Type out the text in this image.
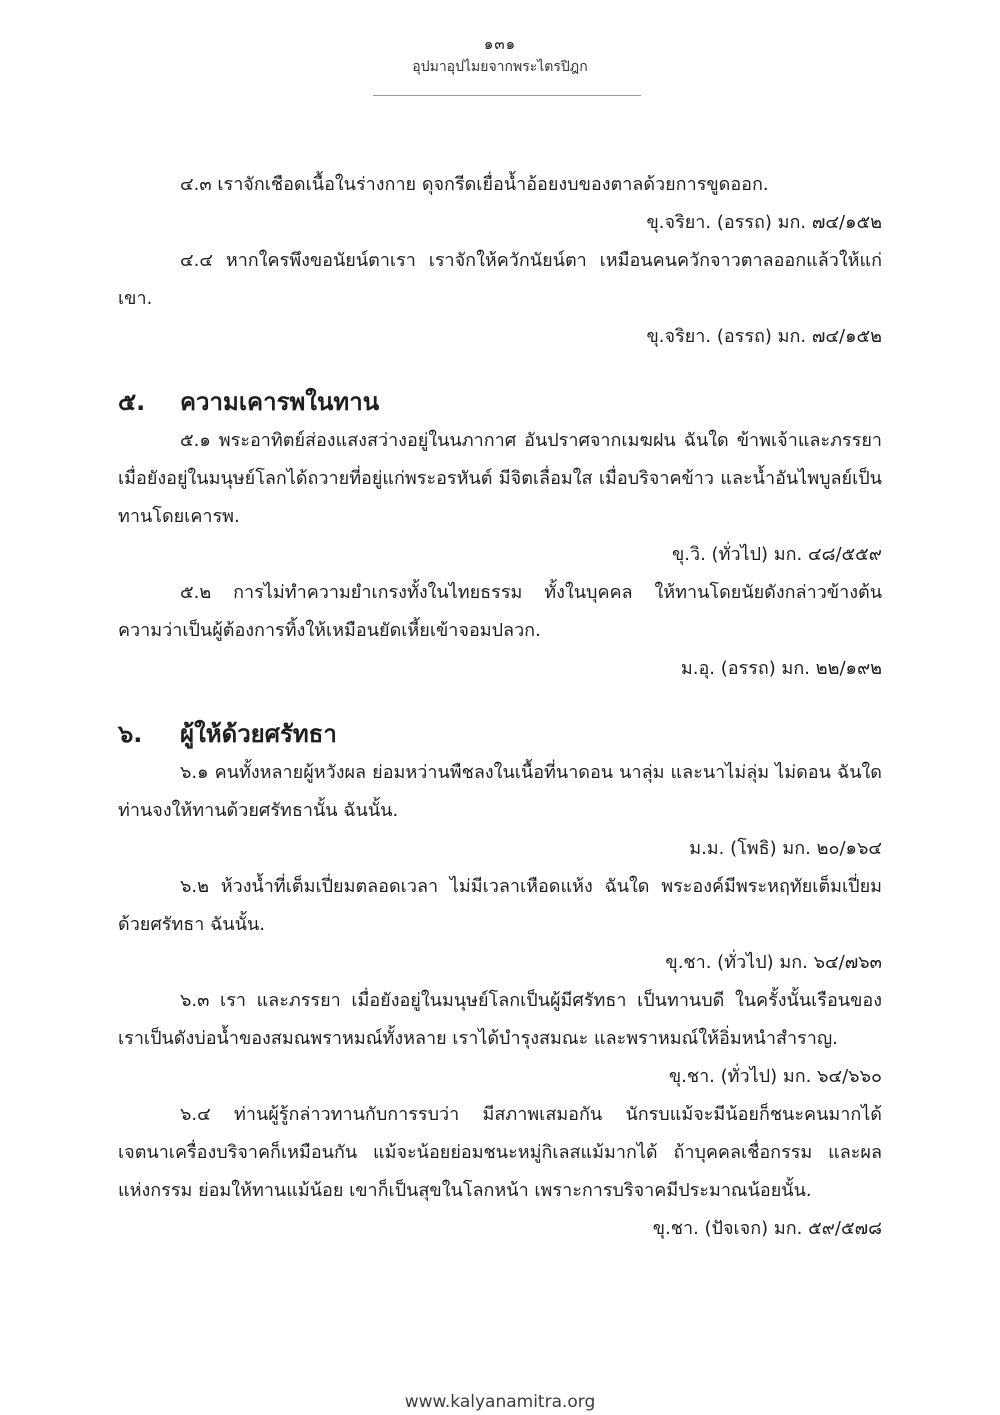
๑๓๑
อุปมาอุปไมยจากพระไตรปิฎก

๔.๓ เราจักเชือดเนื้อในร่างกาย ดุจกรีดเยื่อน้ำอ้อยงบของตาลด้วยการขูดออก.

ขุ.จริยา. (อรรถ) มก. ๗๔/๑๕๒

๔.๔ หากใครพึงขอนัยน์ตาเรา เราจักให้ควักนัยน์ตา เหมือนคนควักจาวตาลออกแล้วให้แก่เขา.

ขุ.จริยา. (อรรถ) มก. ๗๔/๑๕๒

๕.	ความเคารพในทาน

๕.๑ พระอาทิตย์ส่องแสงสว่างอยู่ในนภากาศ อันปราศจากเมฆฝน ฉันใด ข้าพเจ้าและภรรยา เมื่อยังอยู่ในมนุษย์โลกได้ถวายที่อยู่แก่พระอรหันต์ มีจิตเลื่อมใส เมื่อบริจาคข้าว และน้ำอันไพบูลย์เป็นทานโดยเคารพ.

ขุ.วิ. (ทั่วไป) มก. ๔๘/๕๕๙

๕.๒ การไม่ทำความยำเกรงทั้งในไทยธรรม ทั้งในบุคคล ให้ทานโดยนัยดังกล่าวข้างต้น ความว่าเป็นผู้ต้องการทิ้งให้เหมือนยัดเหี้ยเข้าจอมปลวก.

ม.อุ. (อรรถ) มก. ๒๒/๑๙๒

๖.	ผู้ให้ด้วยศรัทธา

๖.๑ คนทั้งหลายผู้หวังผล ย่อมหว่านพืชลงในเนื้อที่นาดอน นาลุ่ม และนาไม่ลุ่ม ไม่ดอน ฉันใด ท่านจงให้ทานด้วยศรัทธานั้น ฉันนั้น.

ม.ม. (โพธิ) มก. ๒๐/๑๖๔

๖.๒ ห้วงน้ำที่เต็มเปี่ยมตลอดเวลา ไม่มีเวลาเหือดแห้ง ฉันใด พระองค์มีพระหฤทัยเต็มเปี่ยมด้วยศรัทธา ฉันนั้น.

ขุ.ชา. (ทั่วไป) มก. ๖๔/๗๖๓

๖.๓ เรา และภรรยา เมื่อยังอยู่ในมนุษย์โลกเป็นผู้มีศรัทธา เป็นทานบดี ในครั้งนั้นเรือนของเราเป็นดังบ่อน้ำของสมณพราหมณ์ทั้งหลาย เราได้บำรุงสมณะ และพราหมณ์ให้อิ่มหนำสำราญ.

ขุ.ชา. (ทั่วไป) มก. ๖๔/๖๖๐

๖.๔ ท่านผู้รู้กล่าวทานกับการรบว่า มีสภาพเสมอกัน นักรบแม้จะมีน้อยก็ชนะคนมากได้ เจตนาเครื่องบริจาคก็เหมือนกัน แม้จะน้อยย่อมชนะหมู่กิเลสแม้มากได้ ถ้าบุคคลเชื่อกรรม และผลแห่งกรรม ย่อมให้ทานแม้น้อย เขาก็เป็นสุขในโลกหน้า เพราะการบริจาคมีประมาณน้อยนั้น.

ขุ.ชา. (ปัจเจก) มก. ๕๙/๕๗๘

www.kalyanamitra.org
